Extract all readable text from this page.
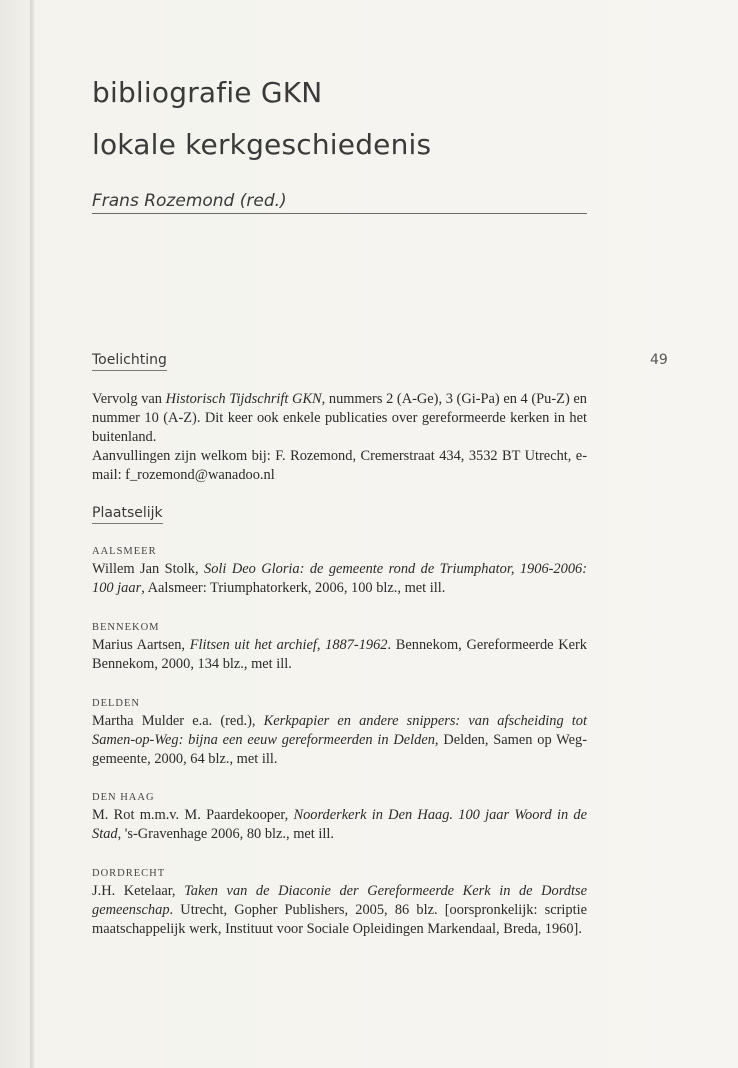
bibliografie GKN
lokale kerkgeschiedenis
Frans Rozemond (red.)
Toelichting	49

Vervolg van Historisch Tijdschrift GKN, nummers 2 (A-Ge), 3 (Gi-Pa) en 4 (Pu-Z) en nummer 10 (A-Z). Dit keer ook enkele publicaties over gereformeerde kerken in het buitenland.

Aanvullingen zijn welkom bij: F. Rozemond, Cremerstraat 434, 3532 BT Utrecht, e-mail: f_rozemond@wanadoo.nl

Plaatselijk

AALSMEER

Willem Jan Stolk, Soli Deo Gloria: de gemeente rond de Triumphator, 1906-2006: 100 jaar, Aalsmeer: Triumphatorkerk, 2006, 100 blz., met ill.

BENNEKOM

Marius Aartsen, Flitsen uit het archief, 1887-1962. Bennekom, Gereformeerde Kerk Bennekom, 2000, 134 blz., met ill.

DELDEN

Martha Mulder e.a. (red.), Kerkpapier en andere snippers: van afscheiding tot Samen-op-Weg: bijna een eeuw gereformeerden in Delden, Delden, Samen op Weg-gemeente, 2000, 64 blz., met ill.

DEN HAAG

M. Rot m.m.v. M. Paardekooper, Noorderkerk in Den Haag. 100 jaar Woord in de Stad, 's-Gravenhage 2006, 80 blz., met ill.

DORDRECHT

J.H. Ketelaar, Taken van de Diaconie der Gereformeerde Kerk in de Dordtse gemeenschap. Utrecht, Gopher Publishers, 2005, 86 blz. [oorspronkelijk: scriptie maatschappelijk werk, Instituut voor Sociale Opleidingen Markendaal, Breda, 1960].
